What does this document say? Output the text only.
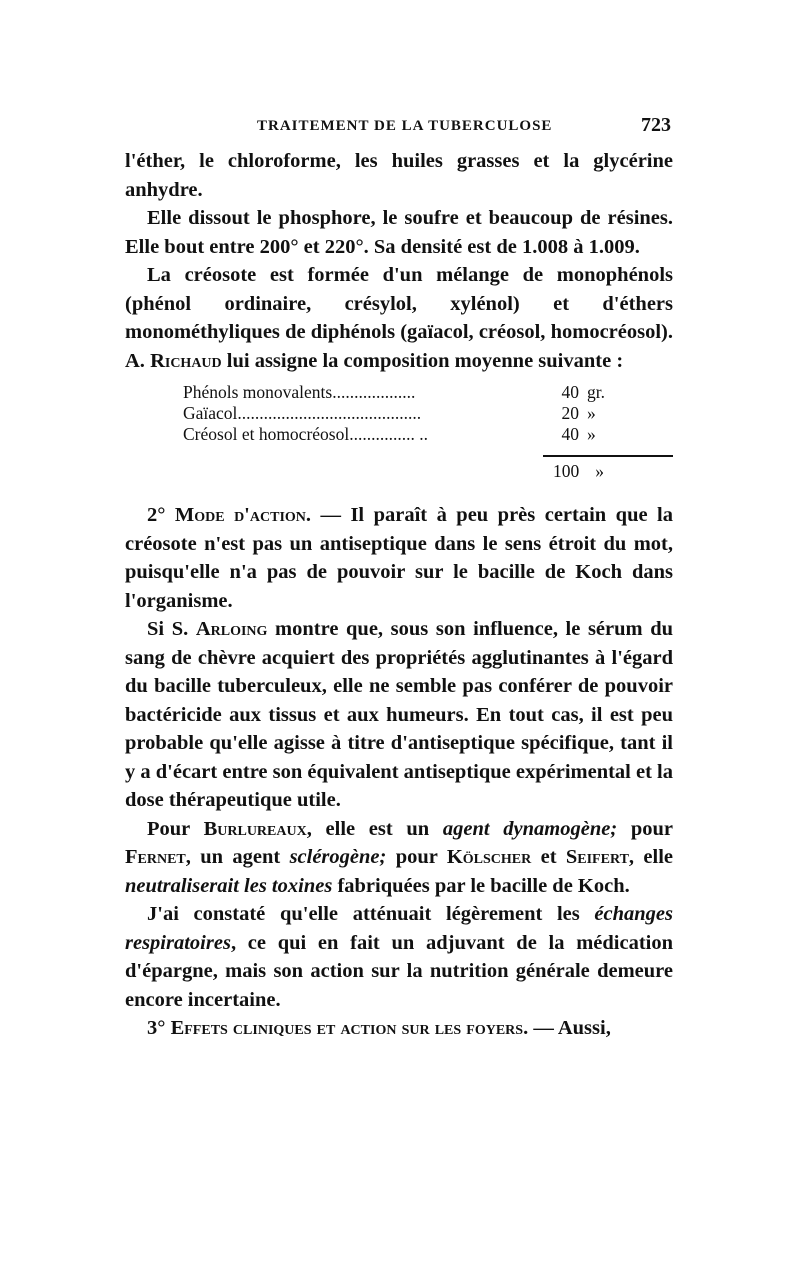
TRAITEMENT DE LA TUBERCULOSE	723

l'éther, le chloroforme, les huiles grasses et la glycérine anhydre.

Elle dissout le phosphore, le soufre et beaucoup de résines. Elle bout entre 200° et 220°. Sa densité est de 1.008 à 1.009.

La créosote est formée d'un mélange de monophénols (phénol ordinaire, crésylol, xylénol) et d'éthers monométhyliques de diphénols (gaïacol, créosol, homocréosol). A. Richaud lui assigne la composition moyenne suivante :

Phénols monovalents...................	40 gr.
Gaïacol..........................................	20 »
Créosol et homocréosol............... ..	40 »
100 »

2° Mode d'action. — Il paraît à peu près certain que la créosote n'est pas un antiseptique dans le sens étroit du mot, puisqu'elle n'a pas de pouvoir sur le bacille de Koch dans l'organisme.

Si S. Arloing montre que, sous son influence, le sérum du sang de chèvre acquiert des propriétés agglutinantes à l'égard du bacille tuberculeux, elle ne semble pas conférer de pouvoir bactéricide aux tissus et aux humeurs. En tout cas, il est peu probable qu'elle agisse à titre d'antiseptique spécifique, tant il y a d'écart entre son équivalent antiseptique expérimental et la dose thérapeutique utile.

Pour Burlureaux, elle est un agent dynamogène; pour Fernet, un agent sclérogène; pour Kölscher et Seifert, elle neutraliserait les toxines fabriquées par le bacille de Koch.

J'ai constaté qu'elle atténuait légèrement les échanges respiratoires, ce qui en fait un adjuvant de la médication d'épargne, mais son action sur la nutrition générale demeure encore incertaine.

3° Effets cliniques et action sur les foyers. — Aussi,
